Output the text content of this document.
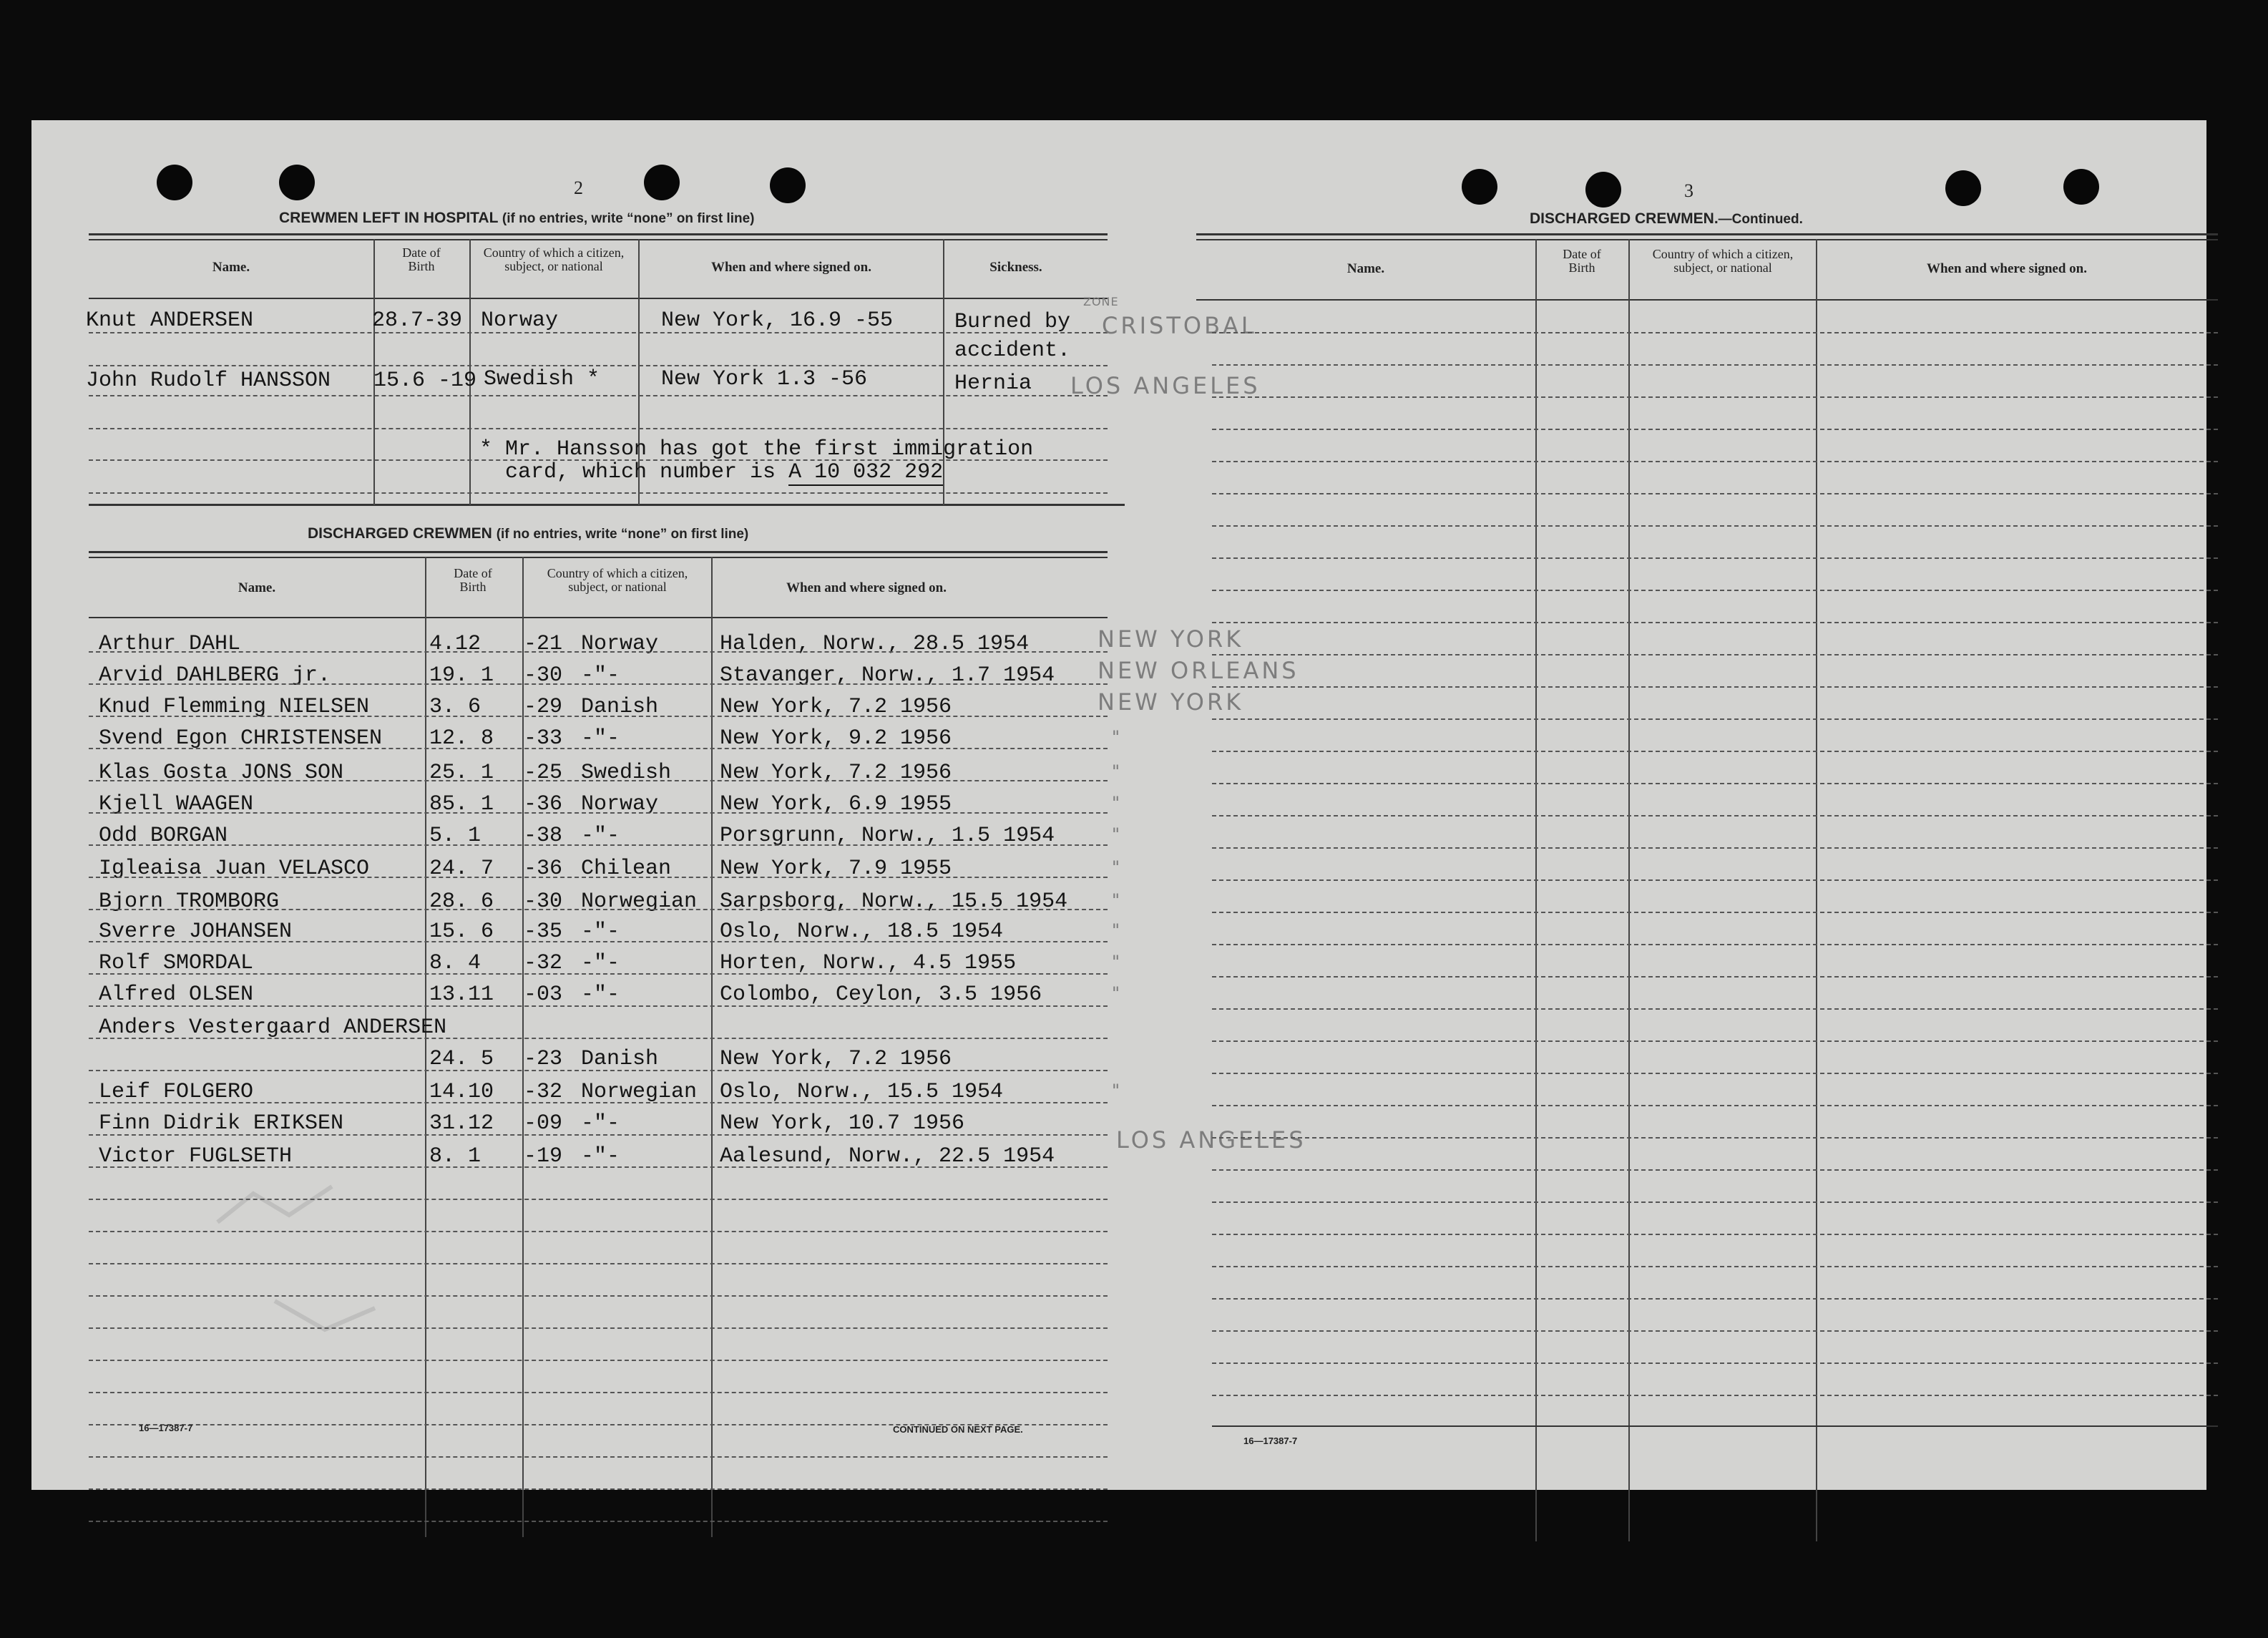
2	3
CREWMEN LEFT IN HOSPITAL (if no entries, write “none” on first line)
Name.
Date of Birth
Country of which a citizen, subject, or national	When and where signed on.	Sickness.
Knut ANDERSEN	28.7-39 Norway	New York, 16.9 -55	Burned by
accident.
ZONE
CRISTOBAL
John Rudolf HANSSON 15.6 -19 Swedish *	New York 1.3 -56	Hernia LOS ANGELES
* Mr. Hansson has got the first immigration
card, which number is A 10 032 292
DISCHARGED CREWMEN (if no entries, write “none” on first line)
Name.
Date of Birth
Country of which a citizen, subject, or national	When and where signed on.
Arthur DAHL	4.12 -21 Norway	Halden, Norw., 28.5 1954	NEW YORK
Arvid DAHLBERG jr.	19. 1 -30 -"-	Stavanger, Norw., 1.7 1954 NEW ORLEANS
Knud Flemming NIELSEN	3. 6 -29 Danish	New York, 7.2 1956	NEW YORK
Svend Egon CHRISTENSEN 12. 8 -33 -"-	New York, 9.2 1956	"
Klas Gosta JONS SON	25. 1 -25 Swedish New York, 7.2 1956	"
Kjell WAAGEN	85. 1 -36 Norway	New York, 6.9 1955	"
Odd BORGAN	5. 1 -38 -"-	Porsgrunn, Norw., 1.5 1954	"
Igleaisa Juan VELASCO	24. 7 -36 Chilean New York, 7.9 1955	"
Bjorn TROMBORG	28. 6 -30 Norwegian Sarpsborg, Norw., 15.5 1954	"
Sverre JOHANSEN	15. 6 -35 -"-	Oslo, Norw., 18.5 1954	"
Rolf SMORDAL	8. 4 -32 -"-	Horten, Norw., 4.5 1955	"
Alfred OLSEN	13.11 -03 -"-	Colombo, Ceylon, 3.5 1956	"
Anders Vestergaard ANDERSEN
24. 5 -23 Danish	New York, 7.2 1956
Leif FOLGERO	14.10 -32 Norwegian Oslo, Norw., 15.5 1954	"
Finn Didrik ERIKSEN	31.12 -09 -"-	New York, 10.7 1956
Victor FUGLSETH	8. 1 -19 -"-	Aalesund, Norw., 22.5 1954
LOS ANGELES
16—17387-7	CONTINUED ON NEXT PAGE.
DISCHARGED CREWMEN.—Continued.
Name.
Date of Birth
Country of which a citizen, subject, or national	When and where signed on.
16—17387-7
